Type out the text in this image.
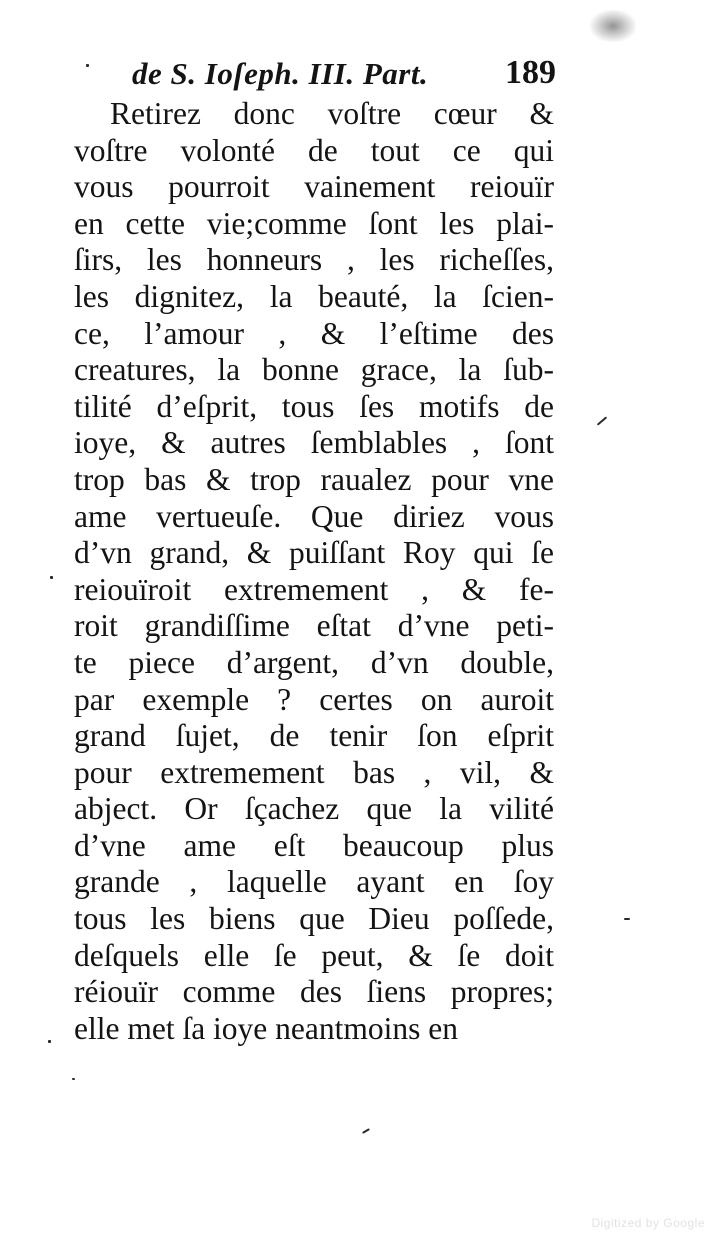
de S. Ioſeph. III. Part. 189
Retirez donc voſtre cœur &
voſtre volonté de tout ce qui
vous pourroit vainement reiouïr
en cette vie;comme ſont les plai-
ſirs, les honneurs , les richeſſes,
les dignitez, la beauté, la ſcien-
ce, l’amour , & l’eſtime des
creatures, la bonne grace, la ſub-
tilité d’eſprit, tous ſes motifs de
ioye, & autres ſemblables , ſont
trop bas & trop raualez pour vne
ame vertueuſe. Que diriez vous
d’vn grand, & puiſſant Roy qui ſe
reiouïroit extremement , & fe-
roit grandiſſime eſtat d’vne peti-
te piece d’argent, d’vn double,
par exemple ? certes on auroit
grand ſujet, de tenir ſon eſprit
pour extremement bas , vil, &
abject. Or ſçachez que la vilité
d’vne ame eſt beaucoup plus
grande , laquelle ayant en ſoy
tous les biens que Dieu poſſede,
deſquels elle ſe peut, & ſe doit
réiouïr comme des ſiens propres;
elle met ſa ioye neantmoins en
Digitized by Google
